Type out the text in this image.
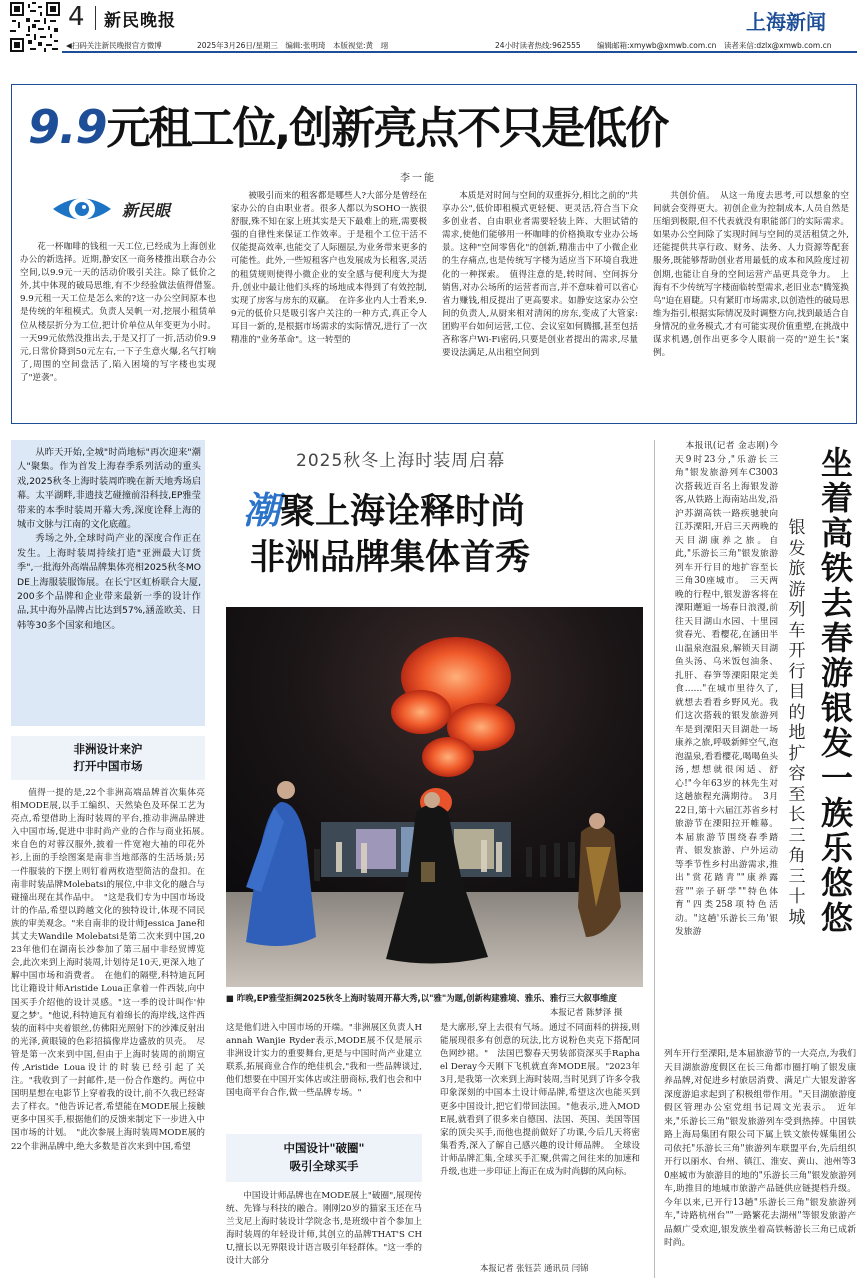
4 新民晚报	上海新闻
◀扫码关注新民晚报官方微博	2025年3月26日/星期三　编辑:张明琦　本版视觉:黄　翊	24小时读者热线:962555 编辑邮箱:xmywb@xmwb.com.cn　读者来信:dzlx@xmwb.com.cn
9.9元租工位,创新亮点不只是低价
李一能
新民眼

花一杯咖啡的钱租一天工位,已经成为上海创业办公的新选择。近期,静安区一商务楼推出联合办公空间,以9.9元一天的活动价吸引关注。除了低价之外,其中体现的破局思维,有不少经验做法值得借鉴。　9.9元租一天工位是怎么来的?这一办公空间原本也是传统的年租模式。负责人吴帆一对,挖展小租赁单位从楼层折分为工位,把计价单位从年变更为小时。一天99元依然没推出去,于是又打了一折,活动价9.9元,日常价降到50元左右,一下子生意火爆,名气打响了,周围的空间盘活了,陷入困境的写字楼也实现了"逆袭"。

被吸引而来的租客都是哪些人?大部分是曾经在家办公的自由职业者。很多人都以为SOHO一族很舒服,殊不知在家上班其实是天下最难上的班,需要极强的自律性来保证工作效率。于是租个工位干活不仅能提高效率,也能交了人际圈层,为业务带来更多的可能性。此外,一些短租客户也发展成为长租客,灵活的租赁规则使得小微企业的安全感与便利度大为提升,创业中最让他们头疼的场地成本得到了有效控制,实现了房客与房东的双赢。　在许多业内人士看来,9.9元的低价只是吸引客户关注的一种方式,真正令人耳目一新的,是根据市场需求的实际情况,进行了一次精准的"业务革命"。这一转型的

本质是对时间与空间的双重拆分,相比之前的"共享办公",低价即租模式更轻便、更灵活,符合当下众多创业者、自由职业者需要轻装上阵、大胆试错的需求,使他们能够用一杯咖啡的价格换取专业办公场景。这种"空间零售化"的创新,精准击中了小微企业的生存痛点,也是传统写字楼为适应当下环境自我进化的一种探索。　值得注意的是,转时间、空间拆分销售,对办公场所的运营者而言,并不意味着可以省心省力赚钱,相反提出了更高要求。如静安这家办公空间的负责人,从厨来相对清闲的房东,变成了大管家:团购平台如何运营,工位、会议室如何腾挪,甚至包括吝称客户Wi-Fi密码,只要是创业者提出的需求,尽量要设法满足,从出租空间到

共创价值。　从这一角度去思考,可以想象的空间就会变得更大。初创企业为控制成本,人员自然是压缩到极限,但不代表就没有职能部门的实际需求。如果办公空间除了实现时间与空间的灵活租赁之外,还能提供共享行政、财务、法务、人力资源等配套服务,既能够帮助创业者用最低的成本和风险度过初创期,也能让自身的空间运营产品更具竞争力。　上海有不少传统写字楼面临转型需求,老旧业态"腾笼换鸟"迫在眉睫。只有紧盯市场需求,以创造性的破局思维为指引,根据实际情况及时调整方向,找到最适合自身情况的业务模式,才有可能实现价值重塑,在挑战中谋求机遇,创作出更多令人眼前一亮的"逆生长"案例。

从昨天开始,全城"时尚地标"再次迎来"潮人"聚集。作为首发上海春季系列活动的重头戏,2025秋冬上海时装周昨晚在新天地秀场启幕。太平湖畔,非遗技艺碰撞前沿科技,EP雅莹带来的本季时装周开幕大秀,深度诠释上海的城市文脉与江南的文化底蕴。

秀场之外,全球时尚产业的深度合作正在发生。上海时装周持续打造"亚洲最大订货季",一批海外高端品牌集体亮相2025秋冬MODE上海服装服饰展。在长宁区虹桥联合大厦,200多个品牌和企业带来最新一季的设计作品,其中海外品牌占比达到57%,涵盖欧美、日韩等30多个国家和地区。

2025秋冬上海时装周启幕
潮聚上海诠释时尚
非洲品牌集体首秀
■ 昨晚,EP雅莹拒绸2025秋冬上海时装周开幕大秀,以"雅"为题,创新构建雅境、雅乐、雅行三大叙事维度
本报记者 陈梦泽 摄
非洲设计来沪
打开中国市场

值得一提的是,22个非洲高端品牌首次集体亮相MODE展,以手工编织、天然染色及环保工艺为亮点,希望借助上海时装周的平台,推动非洲品牌进入中国市场,促进中非时尚产业的合作与商业拓展。　来自色的对蓉汉服外,披着一件宽袍大袖的印花外衫,上面的手绘图案是南非当地部落的生活场景;另一件服装的下摆上则钉着两枚造型简洁的盘扣。在南非时装品牌Molebatsi的展位,中非文化的融合与碰撞出现在其作品中。　"这是我们专为中国市场设计的作品,希望以跨越文化的独特设计,体现不同民族的审美观念。"来自南非的设计师Jessica Jane和其丈夫Wandile Molebatsi是第二次来到中国,2023年他们在湖南长沙参加了第三届中非经贸博览会,此次来到上海时装周,计划待足10天,更深入地了解中国市场和消费者。　在他们的隔壁,科特迪瓦阿比让籍设计师Aristide Loua正拿着一件西装,向中国买手介绍他的设计灵感。"这一季的设计叫作'仲夏之梦'。"他说,科特迪瓦有着绵长的海岸线,这件西装的面料中夹着银丝,仿佛阳光照射下的沙滩反射出的光泽,黄眼镜的色彩招搞像岸边盛放的贝壳。　尽管是第一次来到中国,但由于上海时装周的前期宣传,Aristide Loua设计的时装已经引起了关注。"我收到了一封邮件,是一份合作邀约。两位中国明星想在电影节上穿着我的设计,前不久我已经寄去了样衣。"他告诉记者,希望能在MODE展上接触更多中国买手,根据他们的反馈来制定下一步进入中国市场的计划。　"此次参展上海时装周MODE展的22个非洲品牌中,绝大多数是首次来到中国,希望

这是他们进入中国市场的开端。"非洲展区负责人Hannah Wanjie Ryder表示,MODE展不仅是展示非洲设计实力的重要舞台,更是与中国时尚产业建立联系,拓展商业合作的绝佳机会,"我和一些品牌谈过,他们想要在中国开实体店或注册商标,我们也会和中国电商平台合作,做一些品牌专场。"

中国设计"破圈"
吸引全球买手

中国设计师品牌也在MODE展上"破圈",展现传统、先锋与科技的融合。刚刚20岁的猫家玉还在马兰戈尼上海时装设计学院念书,是班级中首个参加上海时装周的年轻设计师,其创立的品牌THAT'S CHU,擅长以无界限设计语言吸引年轻群体。"这一季的设计大部分

是大廓形,穿上去很有气场。通过不同面料的拼接,则能展现很多有创意的玩法,比方说粉色夹克下搭配同色网纱裙。"　法国巴黎春天男装部资深买手Raphael Deray今天刚下飞机就直奔MODE展。"2023年3月,是我第一次来到上海时装周,当时见到了许多令我印象深刻的中国本土设计师品牌,希望这次也能买到更多中国设计,把它们带回法国。"他表示,进入MODE展,就看到了很多来自德国、法国、英国、美国等国家的顶尖买手,而他也提前做好了功课,今后几天将密集看秀,深入了解自己感兴趣的设计师品牌。　全球设计师品牌汇集,全球买手汇聚,供需之间往来的加速和升级,也进一步印证上海正在成为时尚脚的风向标。

本报记者 张钰芸 通讯员 闫锦
坐着高铁去春游 银发一族乐悠悠
银发旅游列车开行目的地扩容至长三角三十城

本报讯(记者 金志刚)今天9时23分,"乐游长三角"银发旅游列车C3003次搭载近百名上海银发游客,从铁路上海南站出发,沿沪苏湖高铁一路疾驰驶向江苏溧阳,开启三天两晚的天目湖康养之旅。自此,"乐游长三角"银发旅游列车开行目的地扩容至长三角30座城市。　三天两晚的行程中,银发游客将在溧阳邂逅一场春日浪漫,前往天目湖山水园、十里园赏春光、看樱花,在涵田半山温泉泡温泉,解锁天目湖鱼头汤、乌米饭包油条、扎肝、春笋等溧阳限定美食……"在城市里待久了,就想去看看乡野风光。我们这次搭载的银发旅游列车是到溧阳天目湖赴一场康养之旅,呼吸新鲜空气,泡泡温泉,看看樱花,喝喝鱼头汤,想想就很闲适、舒心!"今年63岁的林先生对这趟旅程充满期待。　3月22日,第十六届江苏省乡村旅游节在溧阳拉开帷幕。本届旅游节围绕春季踏青、银发旅游、户外运动等季节性乡村出游需求,推出"赏花踏青""康养露营""亲子研学""特色体育"四类258项特色活动。"这趟'乐游长三角'银发旅游

列车开行至溧阳,是本届旅游节的一大亮点,为我们天目湖旅游度假区在长三角都市圈打响了银发康养品牌,对促进乡村旅居消费、满足广大银发游客深度游追求起到了积极组带作用。"天目湖旅游度假区管理办公室党组书记周文光表示。　近年来,"乐游长三角"银发旅游列车受到热捧。中国铁路上海局集团有限公司下属上铁文旅传媒集团公司依托"乐游长三角"旅游列车联盟平台,先后组织开行以丽水、台州、镇江、淮安、黄山、池州等30座城市为旅游目的地的"乐游长三角"银发旅游列车,助推目的地城市旅游产品链供应链提档升级。今年以来,已开行13趟"乐游长三角"银发旅游列车,"诗路杭州台""一路繁花去湖州"等银发旅游产品颇广受欢迎,银发族坐着高铁畅游长三角已成新时尚。
